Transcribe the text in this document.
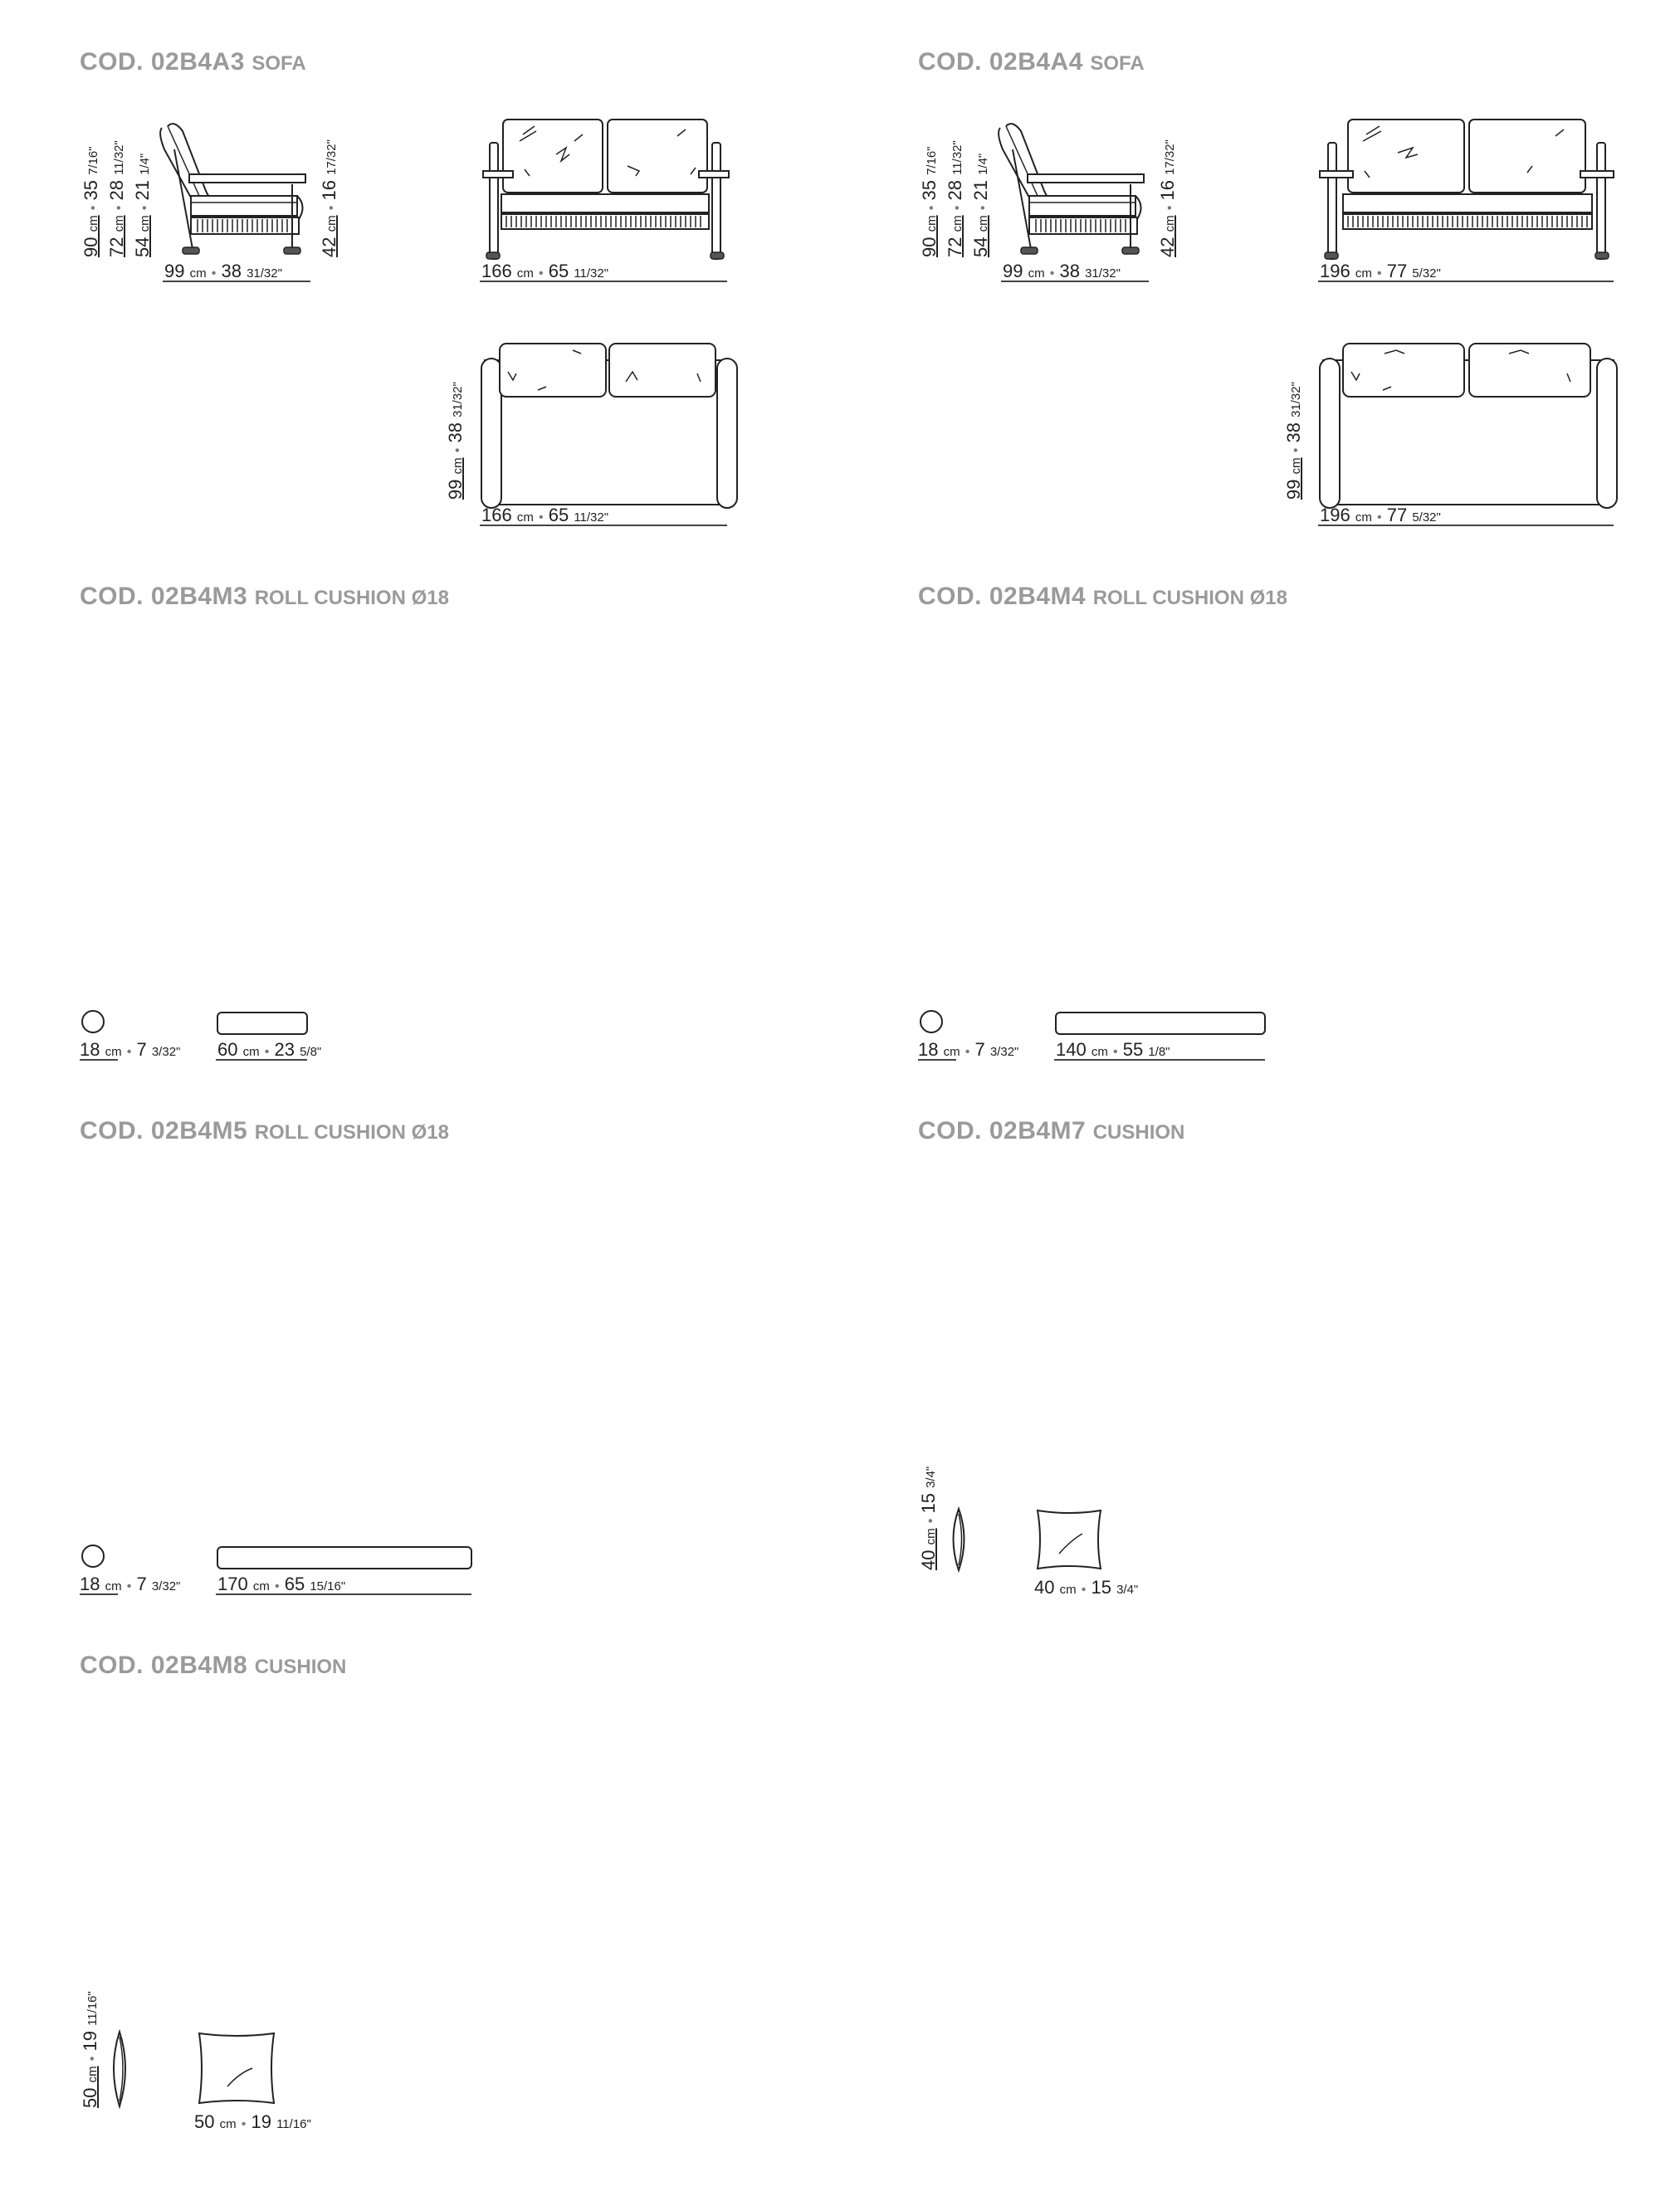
COD. 02B4A3 SOFA
90 cm • 35 7/16"
72 cm • 28 11/32"
54 cm • 21 1/4"
42 cm • 16 17/32"
99 cm • 38 31/32"	166 cm • 65 11/32"
99 cm • 38 31/32"
166 cm • 65 11/32"
COD. 02B4A4 SOFA
90 cm • 35 7/16"
72 cm • 28 11/32"
54 cm • 21 1/4"
42 cm • 16 17/32"
99 cm • 38 31/32"	196 cm • 77 5/32"
99 cm • 38 31/32"
196 cm • 77 5/32"
COD. 02B4M3 ROLL CUSHION Ø18
18 cm • 7 3/32" 60 cm • 23 5/8"
COD. 02B4M4 ROLL CUSHION Ø18
18 cm • 7 3/32" 140 cm • 55 1/8"
COD. 02B4M5 ROLL CUSHION Ø18
18 cm • 7 3/32" 170 cm • 65 15/16"
COD. 02B4M7 CUSHION
40 cm • 15 3/4"
40 cm • 15 3/4"
COD. 02B4M8 CUSHION
50 cm • 19 11/16"
50 cm • 19 11/16"
